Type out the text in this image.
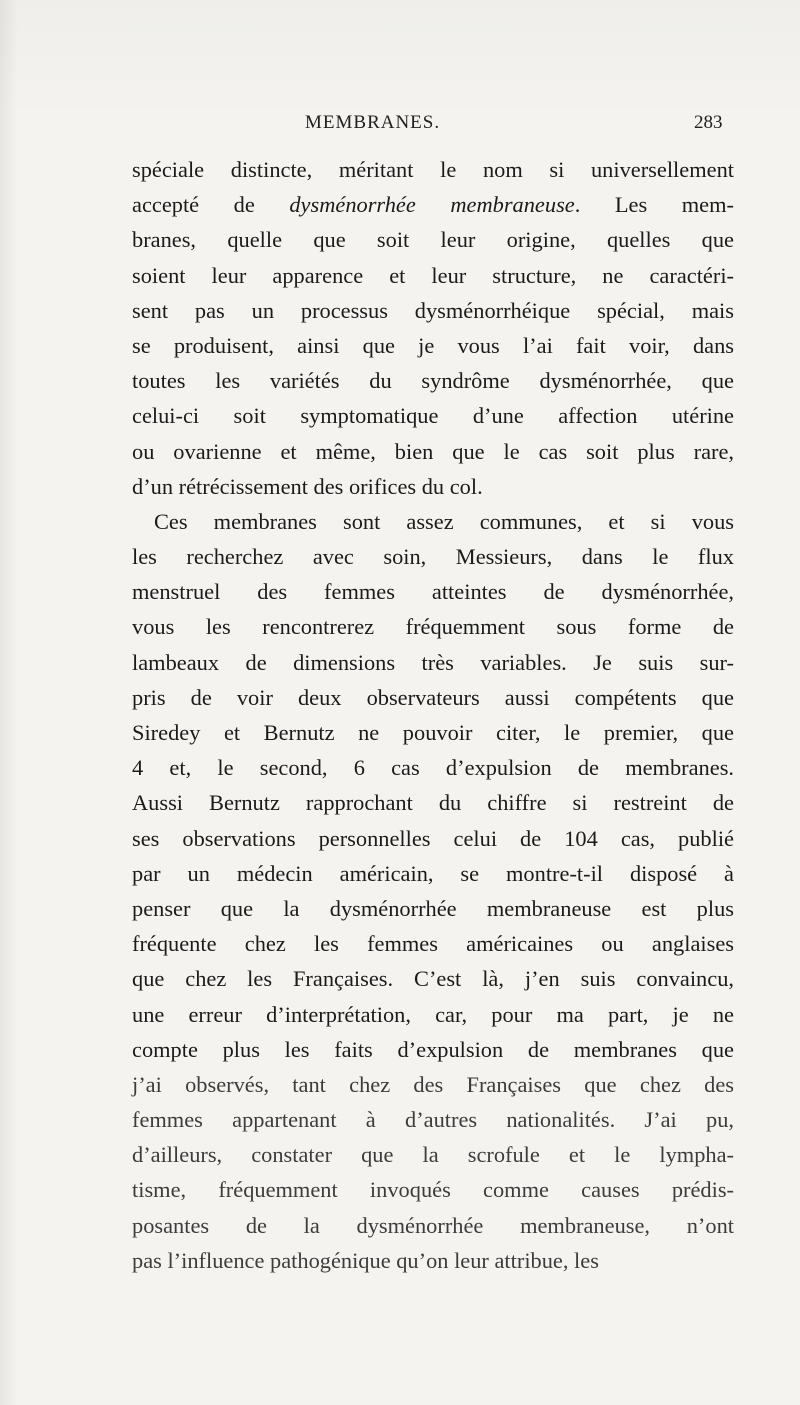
MEMBRANES.	283
spéciale distincte, méritant le nom si universellement
accepté de dysménorrhée membraneuse. Les mem-
branes, quelle que soit leur origine, quelles que
soient leur apparence et leur structure, ne caractéri-
sent pas un processus dysménorrhéique spécial, mais
se produisent, ainsi que je vous l’ai fait voir, dans
toutes les variétés du syndrôme dysménorrhée, que
celui-ci soit symptomatique d’une affection utérine
ou ovarienne et même, bien que le cas soit plus rare,
d’un rétrécissement des orifices du col.
Ces membranes sont assez communes, et si vous
les recherchez avec soin, Messieurs, dans le flux
menstruel des femmes atteintes de dysménorrhée,
vous les rencontrerez fréquemment sous forme de
lambeaux de dimensions très variables. Je suis sur-
pris de voir deux observateurs aussi compétents que
Siredey et Bernutz ne pouvoir citer, le premier, que
4 et, le second, 6 cas d’expulsion de membranes.
Aussi Bernutz rapprochant du chiffre si restreint de
ses observations personnelles celui de 104 cas, publié
par un médecin américain, se montre-t-il disposé à
penser que la dysménorrhée membraneuse est plus
fréquente chez les femmes américaines ou anglaises
que chez les Françaises. C’est là, j’en suis convaincu,
une erreur d’interprétation, car, pour ma part, je ne
compte plus les faits d’expulsion de membranes que
j’ai observés, tant chez des Françaises que chez des
femmes appartenant à d’autres nationalités. J’ai pu,
d’ailleurs, constater que la scrofule et le lympha-
tisme, fréquemment invoqués comme causes prédis-
posantes de la dysménorrhée membraneuse, n’ont
pas l’influence pathogénique qu’on leur attribue, les
